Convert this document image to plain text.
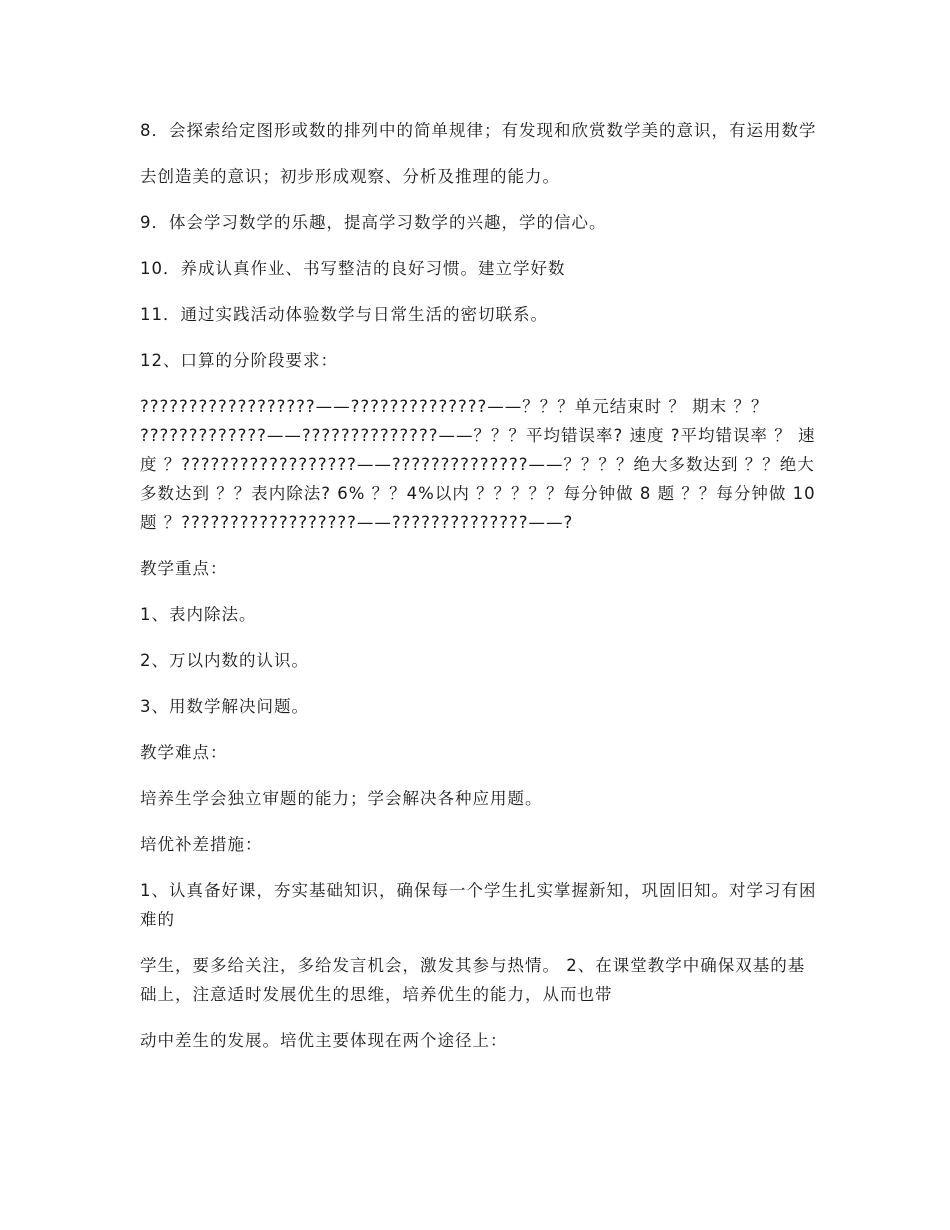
8．会探索给定图形或数的排列中的简单规律；有发现和欣赏数学美的意识，有运用数学

去创造美的意识；初步形成观察、分析及推理的能力。

9．体会学习数学的乐趣，提高学习数学的兴趣，学的信心。

10．养成认真作业、书写整洁的良好习惯。建立学好数

11．通过实践活动体验数学与日常生活的密切联系。

12、口算的分阶段要求：

??????????????????——??????????????——？？？单元结束时 ？ 期末 ？？ ?????????????——??????????????——？？？平均错误率? 速度 ?平均错误率 ？ 速度 ？??????????????????——??????????????——？？？？绝大多数达到 ？？绝大多数达到 ？？表内除法? 6% ？？4%以内 ？？？？？每分钟做 8 题 ？？每分钟做 10 题 ？??????????????????——??????????????——?

教学重点：

1、表内除法。

2、万以内数的认识。

3、用数学解决问题。

教学难点：

培养生学会独立审题的能力；学会解决各种应用题。

培优补差措施：

1、认真备好课，夯实基础知识，确保每一个学生扎实掌握新知，巩固旧知。对学习有困难的

学生，要多给关注，多给发言机会，激发其参与热情。 2、在课堂教学中确保双基的基础上，注意适时发展优生的思维，培养优生的能力，从而也带

动中差生的发展。培优主要体现在两个途径上：
